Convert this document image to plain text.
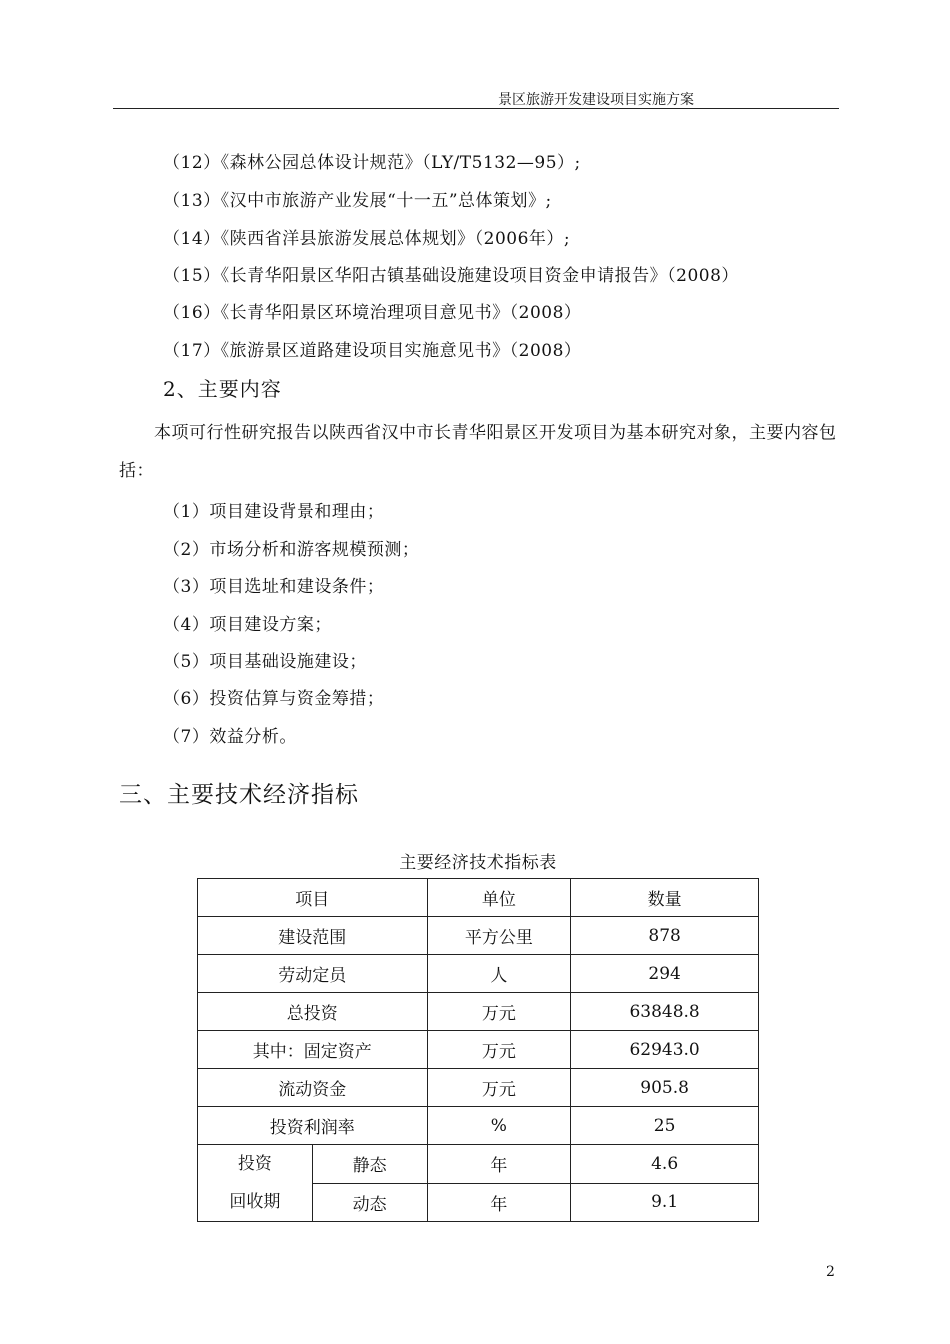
景区旅游开发建设项目实施方案
（12）《森林公园总体设计规范》（LY/T5132—95）;
（13）《汉中市旅游产业发展“十一五”总体策划》;
（14）《陕西省洋县旅游发展总体规划》（2006年）;
（15）《长青华阳景区华阳古镇基础设施建设项目资金申请报告》（2008）
（16）《长青华阳景区环境治理项目意见书》（2008）
（17）《旅游景区道路建设项目实施意见书》（2008）
2、主要内容
本项可行性研究报告以陕西省汉中市长青华阳景区开发项目为基本研究对象，主要内容包括：
（1）项目建设背景和理由；
（2）市场分析和游客规模预测；
（3）项目选址和建设条件；
（4）项目建设方案；
（5）项目基础设施建设；
（6）投资估算与资金筹措；
（7）效益分析。
三、主要技术经济指标
主要经济技术指标表
项目		单位	数量
建设范围		平方公里	878
劳动定员		人	294
总投资		万元	63848.8
其中：固定资产		万元	62943.0
流动资金		万元	905.8
投资利润率		%	25

投资
回收期	静态	年	4.6
	动态	年	9.1
2
